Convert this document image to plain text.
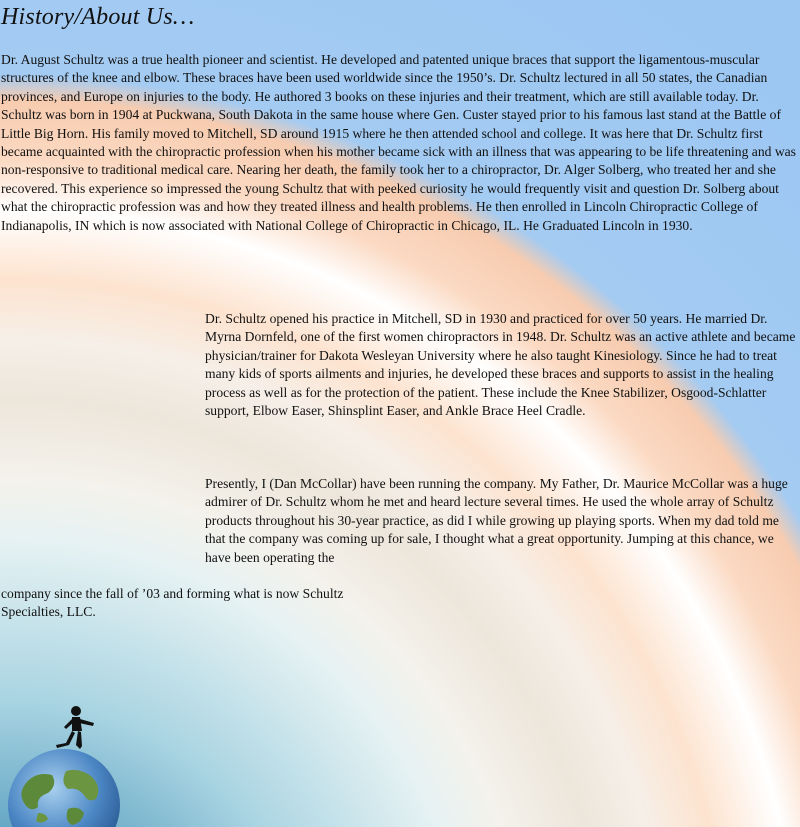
History/About Us…

Dr. August Schultz was a true health pioneer and scientist. He developed and patented unique braces that support the ligamentous-muscular structures of the knee and elbow. These braces have been used worldwide since the 1950’s. Dr. Schultz lectured in all 50 states, the Canadian provinces, and Europe on injuries to the body. He authored 3 books on these injuries and their treatment, which are still available today. Dr. Schultz was born in 1904 at Puckwana, South Dakota in the same house where Gen. Custer stayed prior to his famous last stand at the Battle of Little Big Horn. His family moved to Mitchell, SD around 1915 where he then attended school and college. It was here that Dr. Schultz first became acquainted with the chiropractic profession when his mother became sick with an illness that was appearing to be life threatening and was non-responsive to traditional medical care. Nearing her death, the family took her to a chiropractor, Dr. Alger Solberg, who treated her and she recovered. This experience so impressed the young Schultz that with peeked curiosity he would frequently visit and question Dr. Solberg about what the chiropractic profession was and how they treated illness and health problems. He then enrolled in Lincoln Chiropractic College of Indianapolis, IN which is now associated with National College of Chiropractic in Chicago, IL. He Graduated Lincoln in 1930.

Dr. Schultz opened his practice in Mitchell, SD in 1930 and practiced for over 50 years. He married Dr. Myrna Dornfeld, one of the first women chiropractors in 1948. Dr. Schultz was an active athlete and became physician/trainer for Dakota Wesleyan University where he also taught Kinesiology. Since he had to treat many kids of sports ailments and injuries, he developed these braces and supports to assist in the healing process as well as for the protection of the patient. These include the Knee Stabilizer, Osgood-Schlatter support, Elbow Easer, Shinsplint Easer, and Ankle Brace Heel Cradle.

Presently, I (Dan McCollar) have been running the company. My Father, Dr. Maurice McCollar was a huge admirer of Dr. Schultz whom he met and heard lecture several times. He used the whole array of Schultz products throughout his 30-year practice, as did I while growing up playing sports. When my dad told me that the company was coming up for sale, I thought what a great opportunity. Jumping at this chance, we have been operating the

company since the fall of ’03 and forming what is now Schultz Specialties, LLC.
